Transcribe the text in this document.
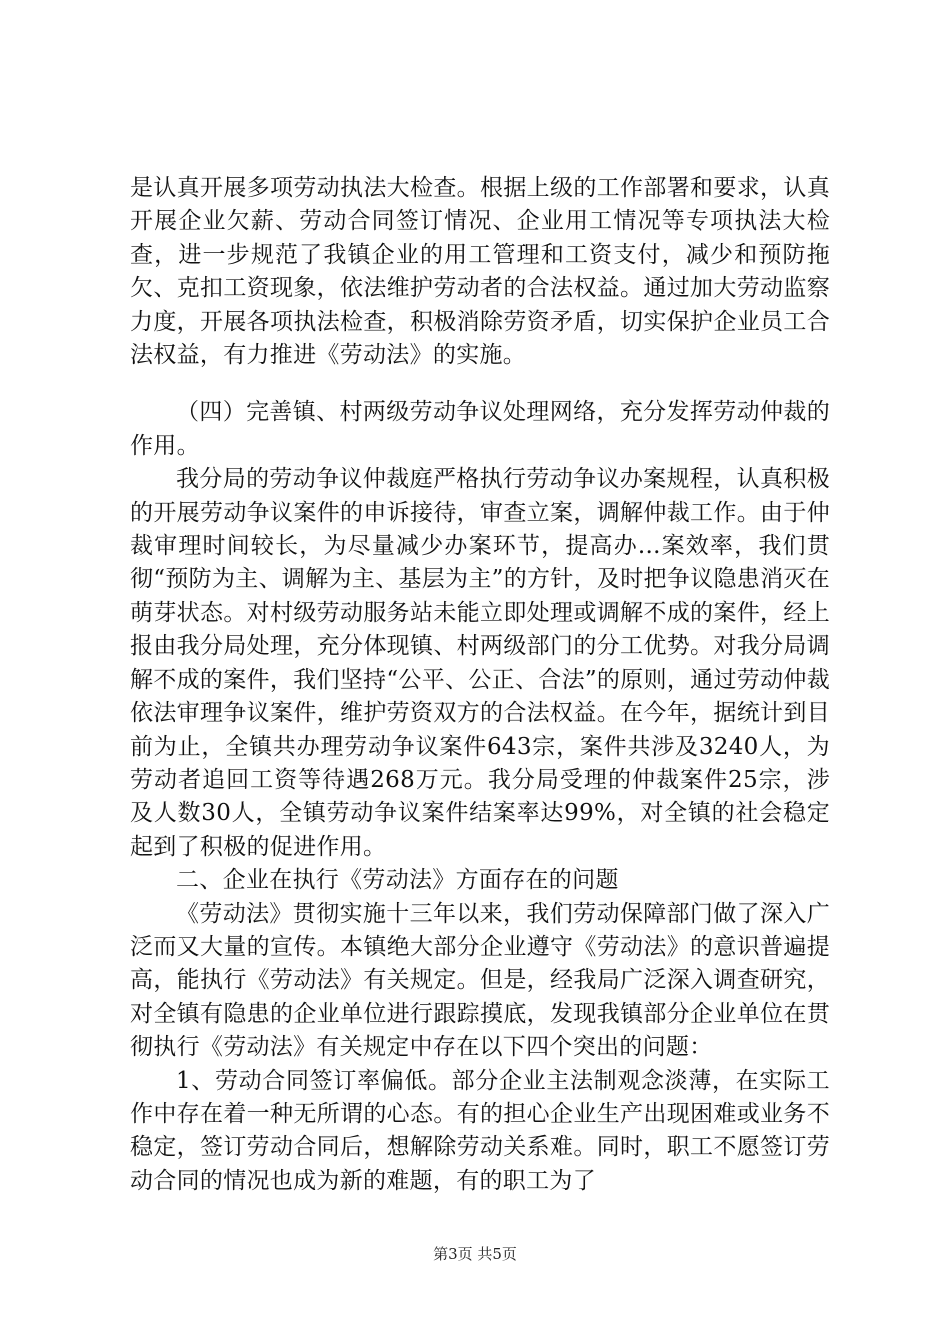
是认真开展多项劳动执法大检查。根据上级的工作部署和要求，认真开展企业欠薪、劳动合同签订情况、企业用工情况等专项执法大检查，进一步规范了我镇企业的用工管理和工资支付，减少和预防拖欠、克扣工资现象，依法维护劳动者的合法权益。通过加大劳动监察力度，开展各项执法检查，积极消除劳资矛盾，切实保护企业员工合法权益，有力推进《劳动法》的实施。

（四）完善镇、村两级劳动争议处理网络，充分发挥劳动仲裁的作用。

我分局的劳动争议仲裁庭严格执行劳动争议办案规程，认真积极的开展劳动争议案件的申诉接待，审查立案，调解仲裁工作。由于仲裁审理时间较长，为尽量减少办案环节，提高办...案效率，我们贯彻“预防为主、调解为主、基层为主”的方针，及时把争议隐患消灭在萌芽状态。对村级劳动服务站未能立即处理或调解不成的案件，经上报由我分局处理，充分体现镇、村两级部门的分工优势。对我分局调解不成的案件，我们坚持“公平、公正、合法”的原则，通过劳动仲裁依法审理争议案件，维护劳资双方的合法权益。在今年，据统计到目前为止，全镇共办理劳动争议案件643宗，案件共涉及3240人，为劳动者追回工资等待遇268万元。我分局受理的仲裁案件25宗，涉及人数30人，全镇劳动争议案件结案率达99%，对全镇的社会稳定起到了积极的促进作用。

二、企业在执行《劳动法》方面存在的问题

《劳动法》贯彻实施十三年以来，我们劳动保障部门做了深入广泛而又大量的宣传。本镇绝大部分企业遵守《劳动法》的意识普遍提高，能执行《劳动法》有关规定。但是，经我局广泛深入调查研究，对全镇有隐患的企业单位进行跟踪摸底，发现我镇部分企业单位在贯彻执行《劳动法》有关规定中存在以下四个突出的问题：

1、劳动合同签订率偏低。部分企业主法制观念淡薄，在实际工作中存在着一种无所谓的心态。有的担心企业生产出现困难或业务不稳定，签订劳动合同后，想解除劳动关系难。同时，职工不愿签订劳动合同的情况也成为新的难题，有的职工为了

第3页 共5页
